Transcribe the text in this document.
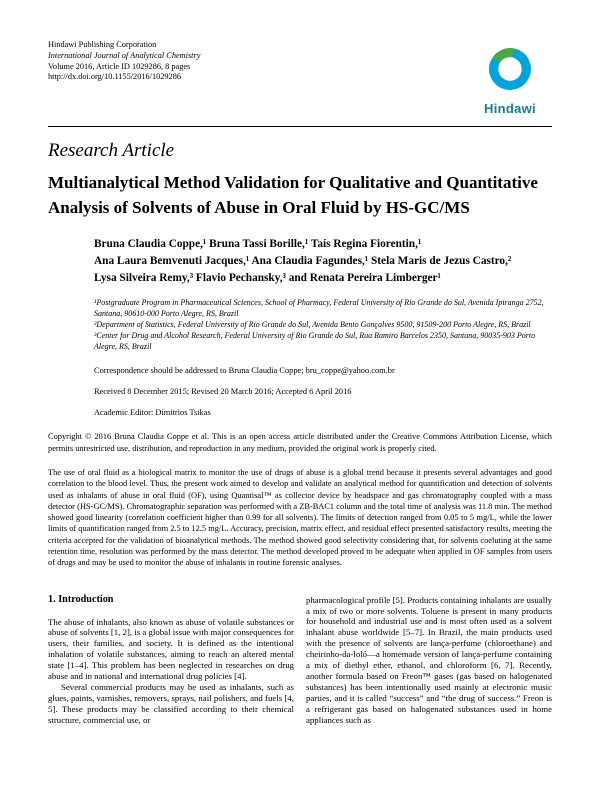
Hindawi Publishing Corporation
International Journal of Analytical Chemistry
Volume 2016, Article ID 1029286, 8 pages
http://dx.doi.org/10.1155/2016/1029286
Hindawi
Research Article
Multianalytical Method Validation for Qualitative and Quantitative Analysis of Solvents of Abuse in Oral Fluid by HS-GC/MS
Bruna Claudia Coppe,¹ Bruna Tassi Borille,¹ Taís Regina Fiorentin,¹
Ana Laura Bemvenuti Jacques,¹ Ana Claudia Fagundes,¹ Stela Maris de Jezus Castro,²
Lysa Silveira Remy,³ Flavio Pechansky,³ and Renata Pereira Limberger¹
¹Postgraduate Program in Pharmaceutical Sciences, School of Pharmacy, Federal University of Rio Grande do Sul, Avenida Ipiranga 2752, Santana, 90610-000 Porto Alegre, RS, Brazil
²Department of Statistics, Federal University of Rio Grande do Sul, Avenida Bento Gonçalves 9500, 91509-200 Porto Alegre, RS, Brazil
³Center for Drug and Alcohol Research, Federal University of Rio Grande do Sul, Rua Ramiro Barcelos 2350, Santana, 90035-903 Porto Alegre, RS, Brazil
Correspondence should be addressed to Bruna Claudia Coppe; bru_coppe@yahoo.com.br
Received 8 December 2015; Revised 20 March 2016; Accepted 6 April 2016
Academic Editor: Dimitrios Tsikas
Copyright © 2016 Bruna Claudia Coppe et al. This is an open access article distributed under the Creative Commons Attribution License, which permits unrestricted use, distribution, and reproduction in any medium, provided the original work is properly cited.
The use of oral fluid as a biological matrix to monitor the use of drugs of abuse is a global trend because it presents several advantages and good correlation to the blood level. Thus, the present work aimed to develop and validate an analytical method for quantification and detection of solvents used as inhalants of abuse in oral fluid (OF), using Quantisal™ as collector device by headspace and gas chromatography coupled with a mass detector (HS-GC/MS). Chromatographic separation was performed with a ZB-BAC1 column and the total time of analysis was 11.8 min. The method showed good linearity (correlation coefficient higher than 0.99 for all solvents). The limits of detection ranged from 0.05 to 5 mg/L, while the lower limits of quantification ranged from 2.5 to 12.5 mg/L. Accuracy, precision, matrix effect, and residual effect presented satisfactory results, meeting the criteria accepted for the validation of bioanalytical methods. The method showed good selectivity considering that, for solvents coeluting at the same retention time, resolution was performed by the mass detector. The method developed proved to be adequate when applied in OF samples from users of drugs and may be used to monitor the abuse of inhalants in routine forensic analyses.
1. Introduction

The abuse of inhalants, also known as abuse of volatile substances or abuse of solvents [1, 2], is a global issue with major consequences for users, their families, and society. It is defined as the intentional inhalation of volatile substances, aiming to reach an altered mental state [1–4]. This problem has been neglected in researches on drug abuse and in national and international drug policies [4].

Several commercial products may be used as inhalants, such as glues, paints, varnishes, removers, sprays, nail polishers, and fuels [4, 5]. These products may be classified according to their chemical structure, commercial use, or

pharmacological profile [5]. Products containing inhalants are usually a mix of two or more solvents. Toluene is present in many products for household and industrial use and is most often used as a solvent inhalant abuse worldwide [5–7]. In Brazil, the main products used with the presence of solvents are lança-perfume (chloroethane) and cheirinho-da-loló—a homemade version of lança-perfume containing a mix of diethyl ether, ethanol, and chloroform [6, 7]. Recently, another formula based on Freon™ gases (gas based on halogenated substances) has been intentionally used mainly at electronic music parties, and it is called “success” and “the drug of success.” Freon is a refrigerant gas based on halogenated substances used in home appliances such as
